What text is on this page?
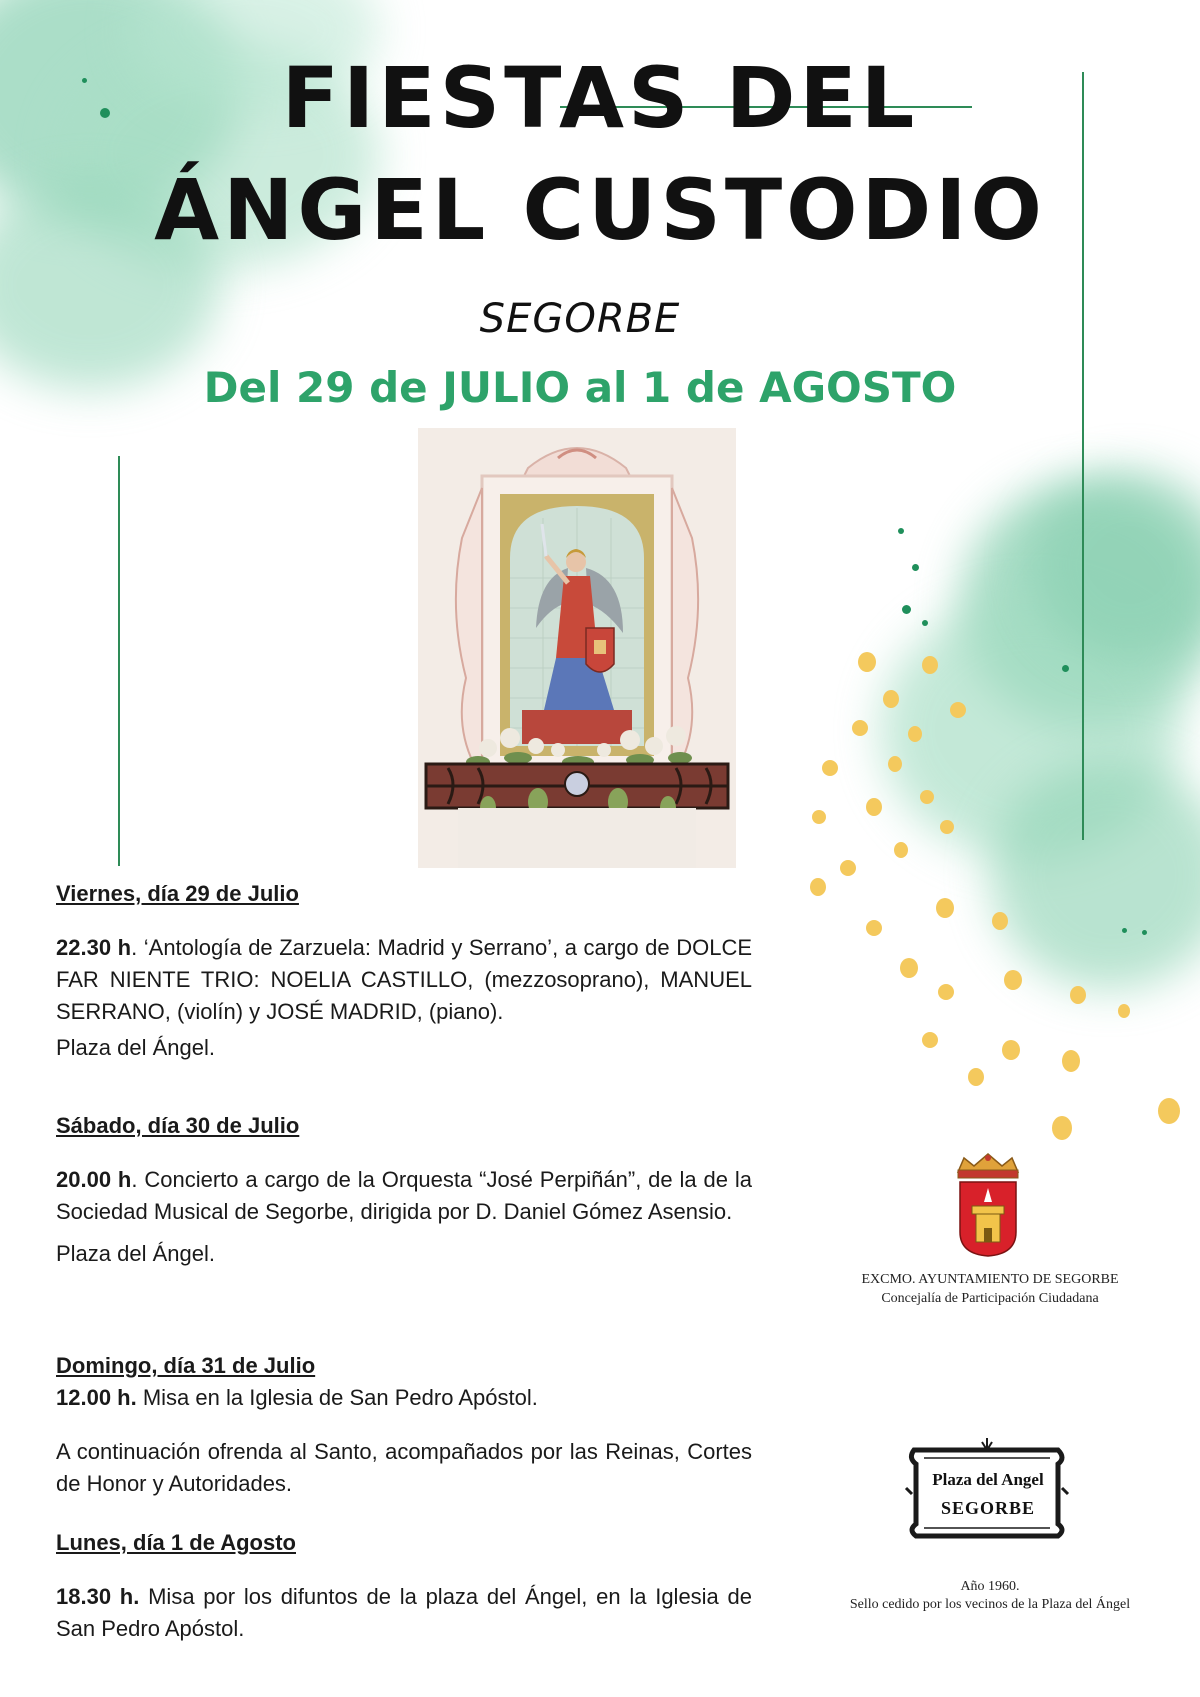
FIESTAS DEL
ÁNGEL CUSTODIO
SEGORBE
Del 29 de JULIO al 1 de AGOSTO

Viernes, día 29 de Julio

22.30 h. ‘Antología de Zarzuela: Madrid y Serrano’, a cargo de DOLCE FAR NIENTE TRIO: NOELIA CASTILLO, (mezzosoprano), MANUEL SERRANO, (violín) y JOSÉ MADRID, (piano).

Plaza del Ángel.

Sábado, día 30 de Julio

20.00 h. Concierto a cargo de la Orquesta “José Perpiñán”, de la de la Sociedad Musical de Segorbe, dirigida por D. Daniel Gómez Asensio.

Plaza del Ángel.

Domingo, día 31 de Julio

12.00 h. Misa en la Iglesia de San Pedro Apóstol.

A continuación ofrenda al Santo, acompañados por las Reinas, Cortes de Honor y Autoridades.

Lunes, día 1 de Agosto

18.30 h. Misa por los difuntos de la plaza del Ángel, en la Iglesia de San Pedro Apóstol.

EXCMO. AYUNTAMIENTO DE SEGORBE
Concejalía de Participación Ciudadana
Plaza del Angel
SEGORBE
Año 1960.
Sello cedido por los vecinos de la Plaza del Ángel
